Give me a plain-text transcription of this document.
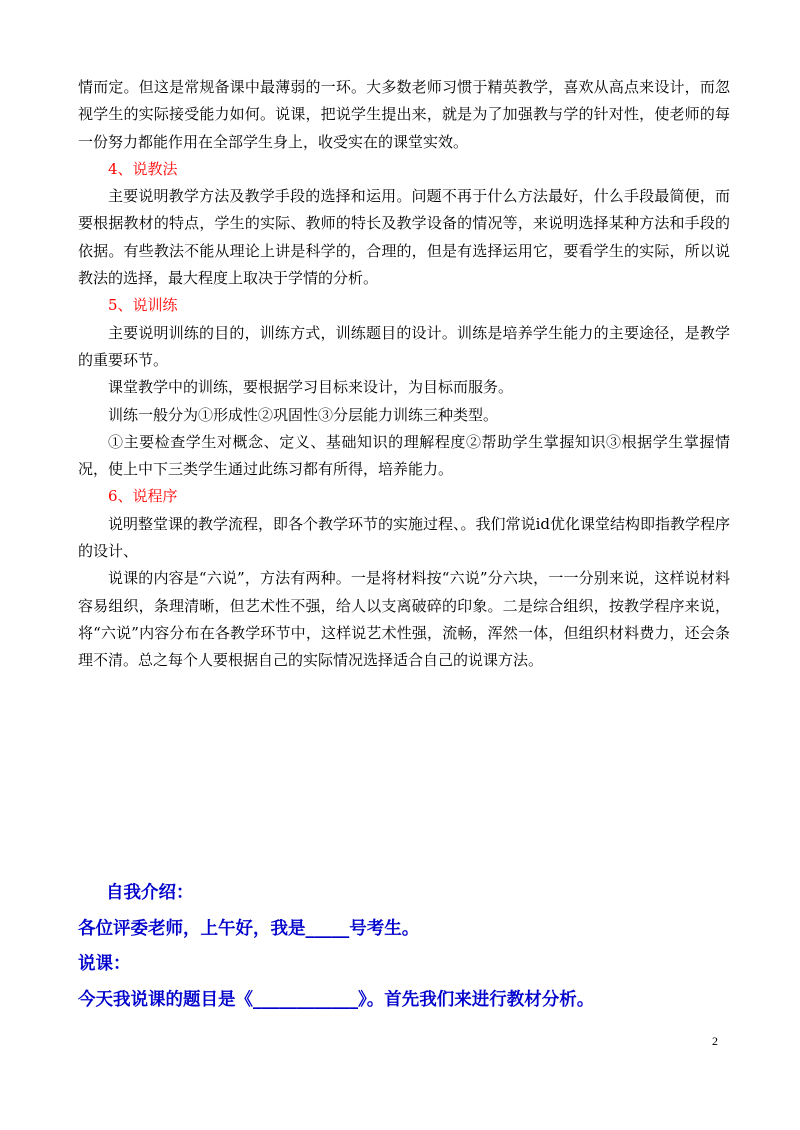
情而定。但这是常规备课中最薄弱的一环。大多数老师习惯于精英教学，喜欢从高点来设计，而忽视学生的实际接受能力如何。说课，把说学生提出来，就是为了加强教与学的针对性，使老师的每一份努力都能作用在全部学生身上，收受实在的课堂实效。

4、说教法

主要说明教学方法及教学手段的选择和运用。问题不再于什么方法最好，什么手段最简便，而要根据教材的特点，学生的实际、教师的特长及教学设备的情况等，来说明选择某种方法和手段的依据。有些教法不能从理论上讲是科学的，合理的，但是有选择运用它，要看学生的实际，所以说教法的选择，最大程度上取决于学情的分析。

5、说训练

主要说明训练的目的，训练方式，训练题目的设计。训练是培养学生能力的主要途径，是教学的重要环节。

课堂教学中的训练，要根据学习目标来设计，为目标而服务。

训练一般分为①形成性②巩固性③分层能力训练三种类型。

①主要检查学生对概念、定义、基础知识的理解程度②帮助学生掌握知识③根据学生掌握情况，使上中下三类学生通过此练习都有所得，培养能力。

6、说程序

说明整堂课的教学流程，即各个教学环节的实施过程、。我们常说id优化课堂结构即指教学程序的设计、

说课的内容是“六说”，方法有两种。一是将材料按“六说”分六块，一一分别来说，这样说材料容易组织，条理清晰，但艺术性不强，给人以支离破碎的印象。二是综合组织，按教学程序来说，将“六说”内容分布在各教学环节中，这样说艺术性强，流畅，浑然一体，但组织材料费力，还会条理不清。总之每个人要根据自己的实际情况选择适合自己的说课方法。

自我介绍：

各位评委老师，上午好，我是_____号考生。

说课：

今天我说课的题目是《____________》。首先我们来进行教材分析。

2
